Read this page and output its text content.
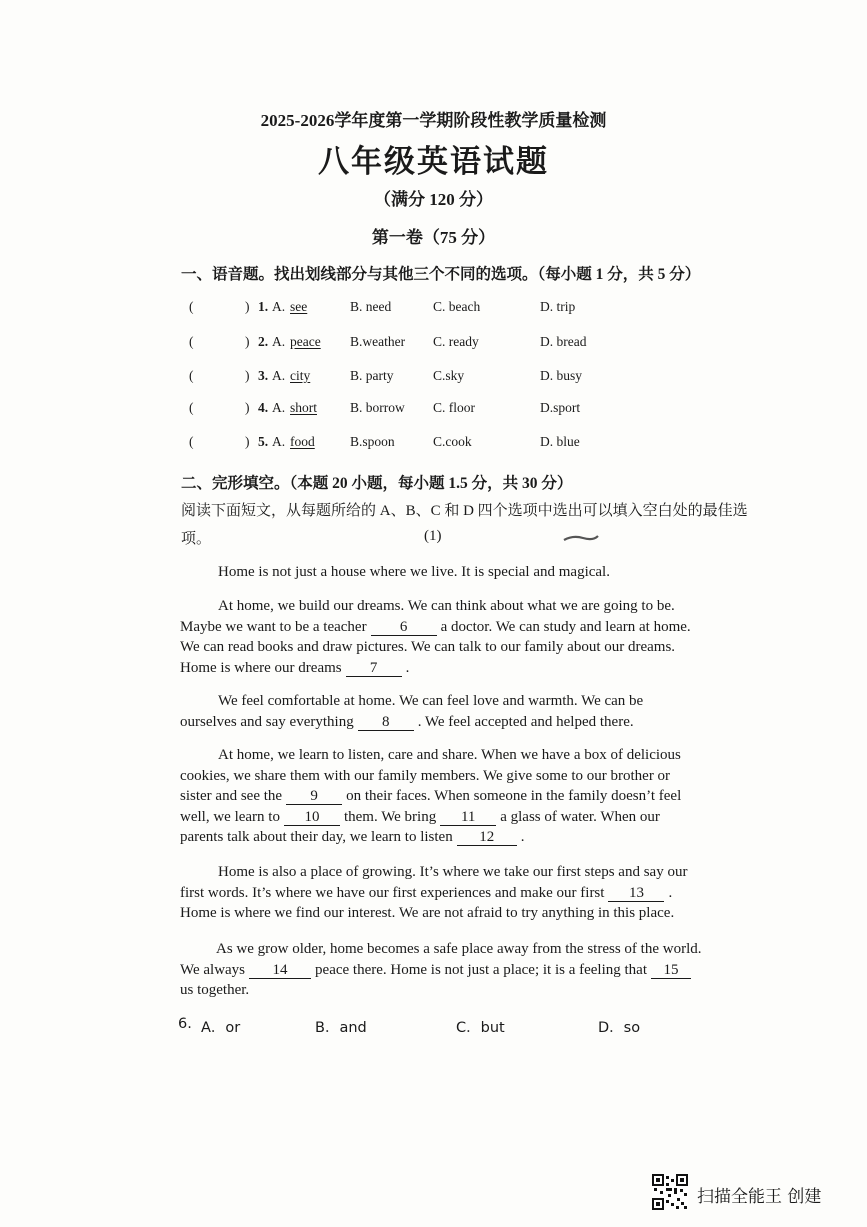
2025-2026学年度第一学期阶段性教学质量检测
八年级英语试题
（满分 120 分）
第一卷（75 分）
一、语音题。找出划线部分与其他三个不同的选项。（每小题 1 分，共 5 分）
(	) 1. A. see	B. need	C. beach	D. trip
(	) 2. A. peace B.weather C. ready	D. bread
(	) 3. A. city	B. party	C.sky	D. busy
(	) 4. A. short B. borrow C. floor	D.sport
(	) 5. A. food	B.spoon	C.cook	D. blue
二、完形填空。（本题 20 小题，每小题 1.5 分，共 30 分）
阅读下面短文，从每题所给的 A、B、C 和 D 四个选项中选出可以填入空白处的最佳选
项。	(1)

Home is not just a house where we live. It is special and magical.

At home, we build our dreams. We can think about what we are going to be.

Maybe we want to be a teacher 6 a doctor. We can study and learn at home.

We can read books and draw pictures. We can talk to our family about our dreams.

Home is where our dreams 7 .

We feel comfortable at home. We can feel love and warmth. We can be

ourselves and say everything 8 . We feel accepted and helped there.

At home, we learn to listen, care and share. When we have a box of delicious

cookies, we share them with our family members. We give some to our brother or

sister and see the 9 on their faces. When someone in the family doesn’t feel

well, we learn to 10 them. We bring 11 a glass of water. When our

parents talk about their day, we learn to listen 12 .

Home is also a place of growing. It’s where we take our first steps and say our

first words. It’s where we have our first experiences and make our first 13 .

Home is where we find our interest. We are not afraid to try anything in this place.

As we grow older, home becomes a safe place away from the stress of the world.

We always 14 peace there. Home is not just a place; it is a feeling that 15

us together.

6. A．or	B．and	C．but	D．so
扫描全能王 创建
